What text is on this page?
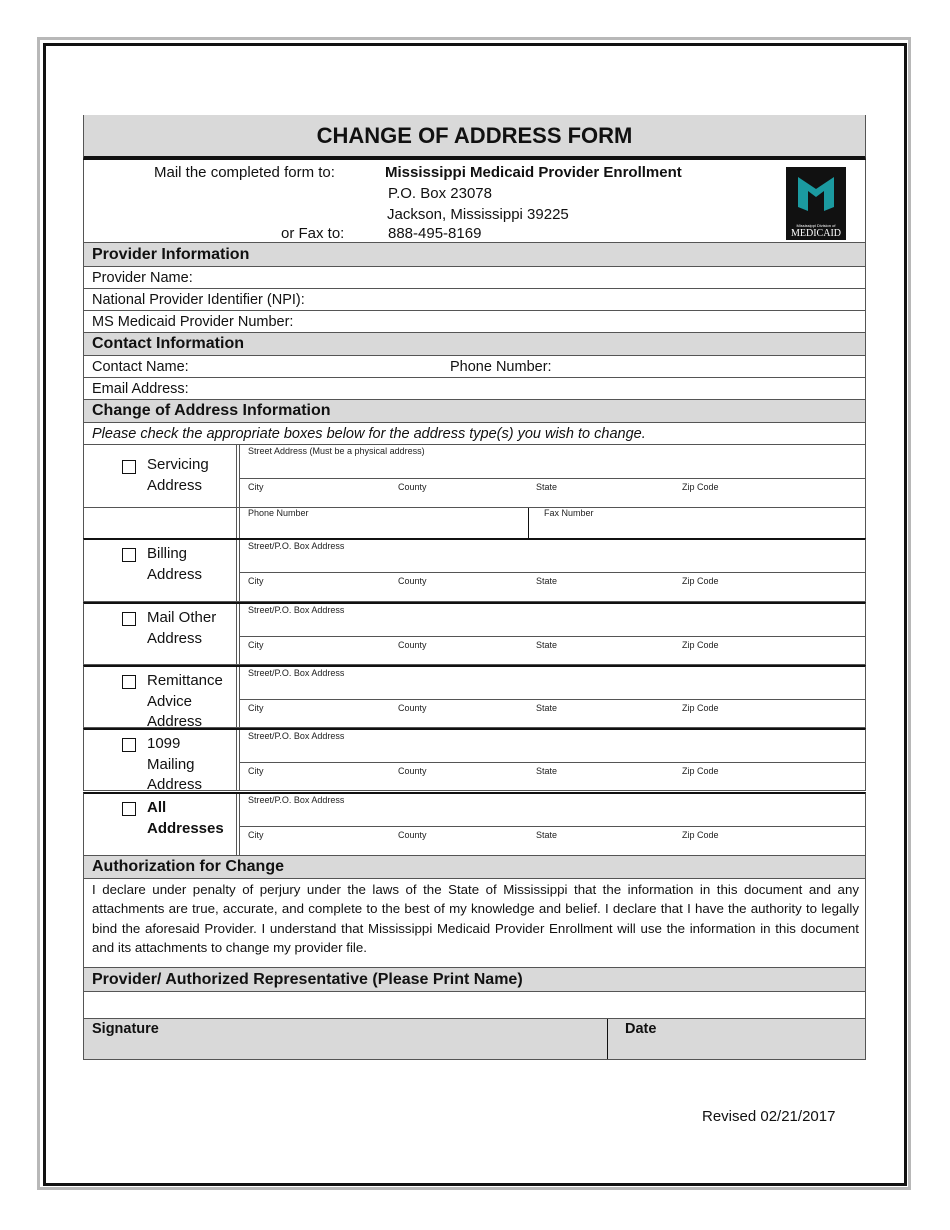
CHANGE OF ADDRESS FORM
Mail the completed form to:	Mississippi Medicaid Provider Enrollment
P.O. Box 23078
Jackson, Mississippi 39225
or Fax to:	888-495-8169	Mississippi Division of
MEDICAID
Provider Information
Provider Name:
National Provider Identifier (NPI):
MS Medicaid Provider Number:
Contact Information
Contact Name:	Phone Number:
Email Address:
Change of Address Information
Please check the appropriate boxes below for the address type(s) you wish to change.
Servicing
Address
Street Address (Must be a physical address)
City	County	State	Zip Code
Phone Number	Fax Number
Billing
Address
Street/P.O. Box Address
City	County	State	Zip Code
Mail Other
Address
Street/P.O. Box Address
City	County	State	Zip Code
Remittance
Advice
Address
Street/P.O. Box Address
City	County	State	Zip Code
1099
Mailing
Address
Street/P.O. Box Address
City	County	State	Zip Code
All
Addresses
Street/P.O. Box Address
City	County	State	Zip Code
Authorization for Change
I declare under penalty of perjury under the laws of the State of Mississippi that the information in this document and any attachments are true, accurate, and complete to the best of my knowledge and belief. I declare that I have the authority to legally bind the aforesaid Provider. I understand that Mississippi Medicaid Provider Enrollment will use the information in this document and its attachments to change my provider file.
Provider/ Authorized Representative (Please Print Name)
Signature	Date
Revised 02/21/2017
